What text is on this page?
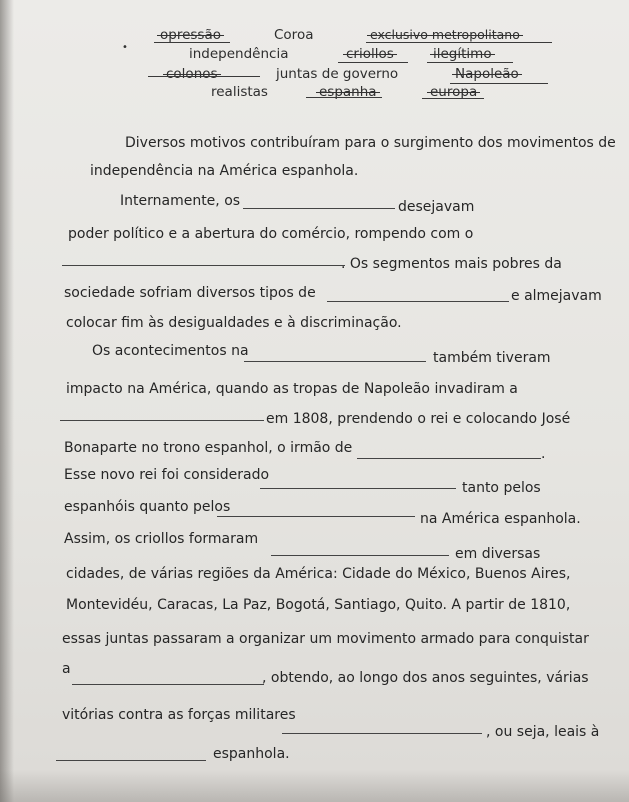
opressão	Coroa	exclusivo metropolitano
•	independência	criollos	ilegítimo
colonos	juntas de governo	Napoleão
realistas	espanha	europa
Diversos motivos contribuíram para o surgimento dos movimentos de
independência na América espanhola.
Internamente, os	desejavam
poder político e a abertura do comércio, rompendo com o
. Os segmentos mais pobres da
sociedade sofriam diversos tipos de	e almejavam
colocar fim às desigualdades e à discriminação.
Os acontecimentos na	também tiveram
impacto na América, quando as tropas de Napoleão invadiram a
em 1808, prendendo o rei e colocando José
Bonaparte no trono espanhol, o irmão de	.
Esse novo rei foi considerado
tanto pelos
espanhóis quanto pelos
na América espanhola.
Assim, os criollos formaram
em diversas
cidades, de várias regiões da América: Cidade do México, Buenos Aires,
Montevidéu, Caracas, La Paz, Bogotá, Santiago, Quito. A partir de 1810,
essas juntas passaram a organizar um movimento armado para conquistar
a
, obtendo, ao longo dos anos seguintes, várias
vitórias contra as forças militares
, ou seja, leais à
espanhola.
